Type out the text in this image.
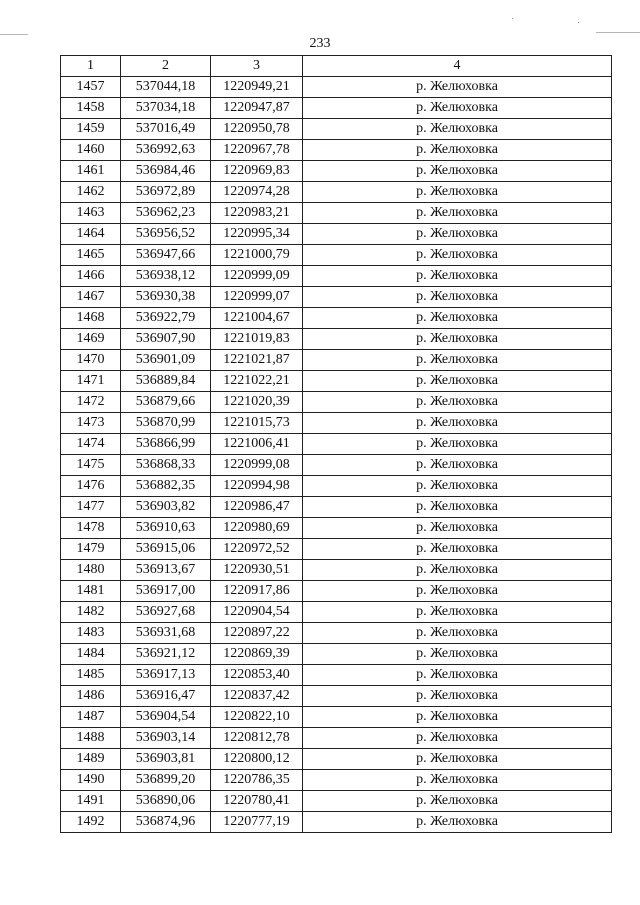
233
1	2	3	4
1457	537044,18	1220949,21	р. Желюховка
1458	537034,18	1220947,87	р. Желюховка
1459	537016,49	1220950,78	р. Желюховка
1460	536992,63	1220967,78	р. Желюховка
1461	536984,46	1220969,83	р. Желюховка
1462	536972,89	1220974,28	р. Желюховка
1463	536962,23	1220983,21	р. Желюховка
1464	536956,52	1220995,34	р. Желюховка
1465	536947,66	1221000,79	р. Желюховка
1466	536938,12	1220999,09	р. Желюховка
1467	536930,38	1220999,07	р. Желюховка
1468	536922,79	1221004,67	р. Желюховка
1469	536907,90	1221019,83	р. Желюховка
1470	536901,09	1221021,87	р. Желюховка
1471	536889,84	1221022,21	р. Желюховка
1472	536879,66	1221020,39	р. Желюховка
1473	536870,99	1221015,73	р. Желюховка
1474	536866,99	1221006,41	р. Желюховка
1475	536868,33	1220999,08	р. Желюховка
1476	536882,35	1220994,98	р. Желюховка
1477	536903,82	1220986,47	р. Желюховка
1478	536910,63	1220980,69	р. Желюховка
1479	536915,06	1220972,52	р. Желюховка
1480	536913,67	1220930,51	р. Желюховка
1481	536917,00	1220917,86	р. Желюховка
1482	536927,68	1220904,54	р. Желюховка
1483	536931,68	1220897,22	р. Желюховка
1484	536921,12	1220869,39	р. Желюховка
1485	536917,13	1220853,40	р. Желюховка
1486	536916,47	1220837,42	р. Желюховка
1487	536904,54	1220822,10	р. Желюховка
1488	536903,14	1220812,78	р. Желюховка
1489	536903,81	1220800,12	р. Желюховка
1490	536899,20	1220786,35	р. Желюховка
1491	536890,06	1220780,41	р. Желюховка
1492	536874,96	1220777,19	р. Желюховка
